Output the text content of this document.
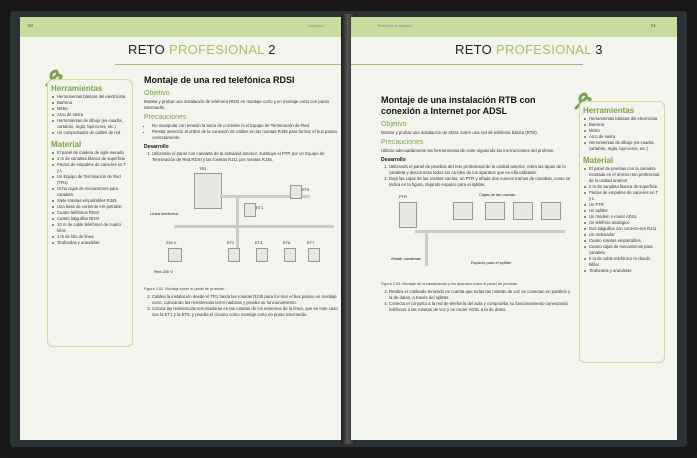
50	Unidad 4
RETO PROFESIONAL 2
Herramientas
Herramientas básicas del electricista
Barrena
Metro
Arco de sierra
Herramientas de dibujo (es-cuadra, cartabón, regla, lapi-ceros, etc.)
Un comprobador de cables de red
Material
El panel de madera de aglo-merado
3 m de canaleta blanca de superficie
Piezas de empalme de cana-les en T y L
Un Equipo de Terminación de Red (TR1)
Ocho cajas de mecanismos para canaleta
Siete rosetas empotrables RJ45
Una base de corriente em-potrable
Cuatro teléfonos RDSI
Cuatro latiguillos RDSI
10 m de cable telefónico de cuatro hilos
1 m de hilo de línea
Tirafondos y arandelas
Montaje de una red telefónica RDSI
Objetivo

Montar y probar una instalación de telefonía RDSI en montaje corto y en montaje corto con punto intermedio.

Precauciones
• No manipular con tensión la toma de corriente ni el Equipo de Terminación de Red.
• Prestar atención al orden de la conexión de cables en las rosetas RJ45 para formar el bus pasivo correctamente.
Desarrollo
1. Utilizando el panel con canaleta de la actividad anterior, sustituye el PTR por un Equipo de Terminación de Red RDSI y las rosetas RJ11 por rosetas RJ45.
TR1
Línea telefónica
ET1
ET5
230 V
Red 230 V
ET2	ET3	ET6	ET7
Figura 2.62. Montaje sobre el panel de pruebas.
2. Cablea la instalación desde el TR1 hasta las rosetas RJ45 para for-mar el bus pasivo en montaje corto, colocando las resistencias termi-nadoras y prueba su funcionamiento.
3. Coloca las resistencias terminadoras en las rosetas de los extremos de la línea, que en este caso son la ET1 y la ET8, y prueba el circuito como montaje corto en punto intermedio.
Telefonía avanzada	51
RETO PROFESIONAL 3
Montaje de una instalación RTB con conexión a Internet por ADSL
Objetivo

Montar y probar una instalación de ADSL sobre una red de telefonía básica (RTB).

Precauciones

Utilizar adecuadamente las herramientas de corte siguiendo las ins-trucciones del profesor.

Desarrollo
1. Utilizando el panel de pruebas del reto profesional de la unidad anterior, retira las tapas de la canaleta y desconecta todos los ca-bles de los aparatos que en ella utilizaste.
2. Deja las cajas de las rosetas vacías, un PTR y añade dos nuevos tramos de canaleta, como se indica en la figura, dejando espacio para el splitter.
PTR	Cajas de las rosetas
Añadir canaletas
Espacio para el splitter
Figura 2.63. Montaje de la canalización y los aparatos sobre el panel de pruebas.
3. Realiza el cableado teniendo en cuenta que todas las rosetas de voz se conectan en paralelo y la de datos, a través del splitter.
4. Conecta el conjunto a la red de telefonía del aula y compruéba su funcionamiento conectando teléfonos a las rosetas de voz y un router ADSL a la de datos.
Herramientas
Herramientas básicas del electricista
Barrena
Metro
Arco de sierra
Herramientas de dibujo (es-cuadra, cartabón, regla, lapi-ceros, etc.)
Material
El panel de pruebas con la canaleta montada en el úl-timo reto profesional de la unidad anterior
2 m de canaleta blanca de superficie
Piezas de empalme de cana-les en T y L
Un PTR
Un splitter
Un módem o router ADSL
Un teléfono analógico
Dos latiguillos con conecto-res RJ11
Un ordenador
Cuatro rosetas empotrables
Cuatro cajas de mecanismos para canaleta
5 m de cable telefónico re-dondo bifilar
Tirafondos y arandelas
